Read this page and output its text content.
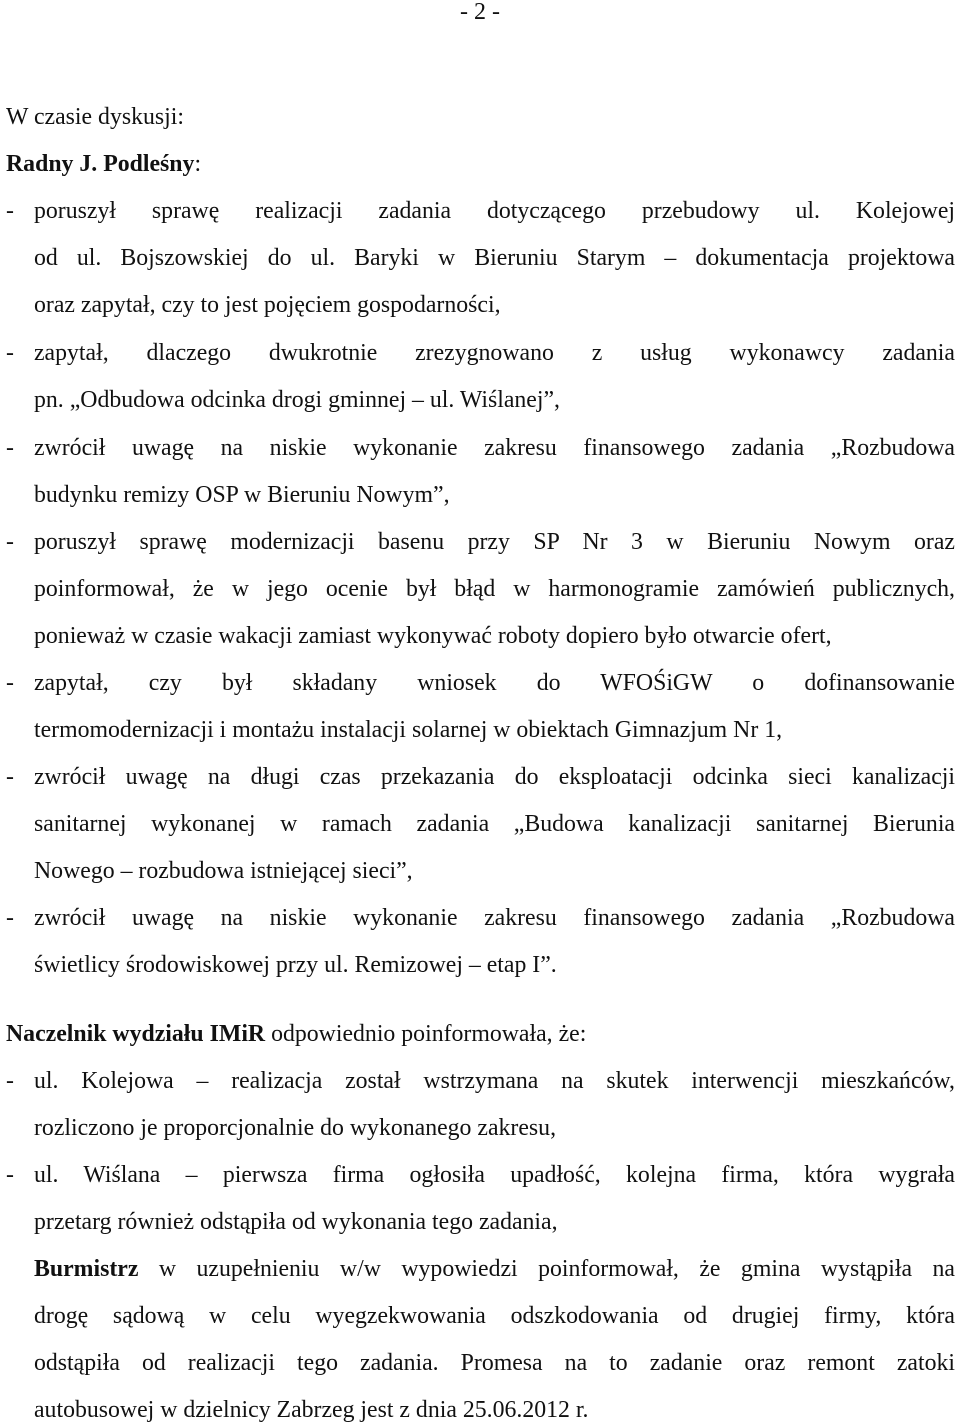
- 2 -
W czasie dyskusji:
Radny J. Podleśny:
- poruszył sprawę realizacji zadania dotyczącego przebudowy ul. Kolejowej
od ul. Bojszowskiej do ul. Baryki w Bieruniu Starym – dokumentacja projektowa
oraz zapytał, czy to jest pojęciem gospodarności,
- zapytał, dlaczego dwukrotnie zrezygnowano z usług wykonawcy zadania
pn. „Odbudowa odcinka drogi gminnej – ul. Wiślanej”,
- zwrócił uwagę na niskie wykonanie zakresu finansowego zadania „Rozbudowa
budynku remizy OSP w Bieruniu Nowym”,
- poruszył sprawę modernizacji basenu przy SP Nr 3 w Bieruniu Nowym oraz
poinformował, że w jego ocenie był błąd w harmonogramie zamówień publicznych,
ponieważ w czasie wakacji zamiast wykonywać roboty dopiero było otwarcie ofert,
- zapytał, czy był składany wniosek do WFOŚiGW o dofinansowanie
termomodernizacji i montażu instalacji solarnej w obiektach Gimnazjum Nr 1,
- zwrócił uwagę na długi czas przekazania do eksploatacji odcinka sieci kanalizacji
sanitarnej wykonanej w ramach zadania „Budowa kanalizacji sanitarnej Bierunia
Nowego – rozbudowa istniejącej sieci”,
- zwrócił uwagę na niskie wykonanie zakresu finansowego zadania „Rozbudowa
świetlicy środowiskowej przy ul. Remizowej – etap I”.
Naczelnik wydziału IMiR odpowiednio poinformowała, że:
- ul. Kolejowa – realizacja został wstrzymana na skutek interwencji mieszkańców,
rozliczono je proporcjonalnie do wykonanego zakresu,
- ul. Wiślana – pierwsza firma ogłosiła upadłość, kolejna firma, która wygrała
przetarg również odstąpiła od wykonania tego zadania,
Burmistrz w uzupełnieniu w/w wypowiedzi poinformował, że gmina wystąpiła na
drogę sądową w celu wyegzekwowania odszkodowania od drugiej firmy, która
odstąpiła od realizacji tego zadania. Promesa na to zadanie oraz remont zatoki
autobusowej w dzielnicy Zabrzeg jest z dnia 25.06.2012 r.
